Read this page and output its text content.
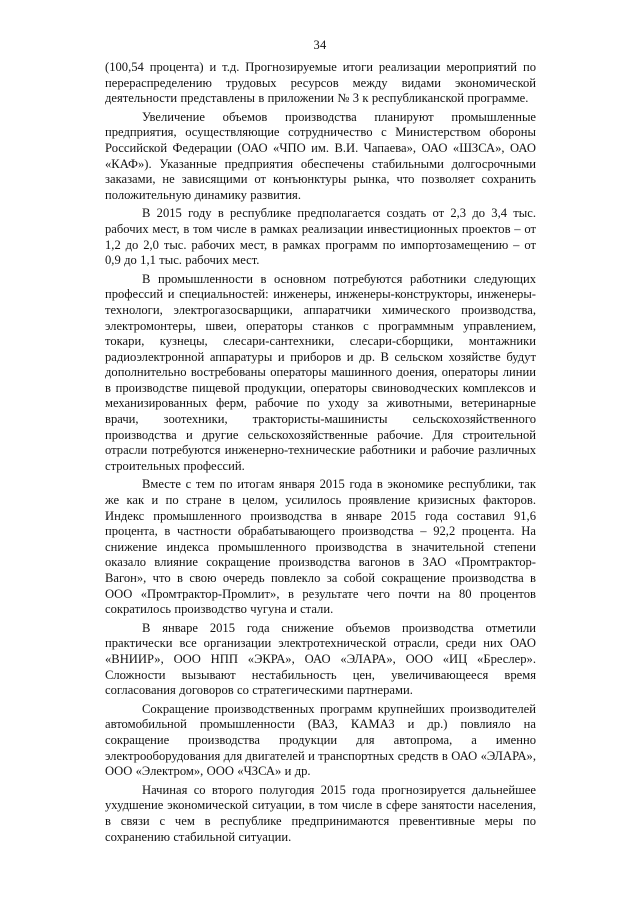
34

(100,54 процента) и т.д. Прогнозируемые итоги реализации мероприятий по перераспределению трудовых ресурсов между видами экономической деятельности представлены в приложении № 3 к республиканской программе.

Увеличение объемов производства планируют промышленные предприятия, осуществляющие сотрудничество с Министерством обороны Российской Федерации (ОАО «ЧПО им. В.И. Чапаева», ОАО «ШЗСА», ОАО «КАФ»). Указанные предприятия обеспечены стабильными долгосрочными заказами, не зависящими от конъюнктуры рынка, что позволяет сохранить положительную динамику развития.

В 2015 году в республике предполагается создать от 2,3 до 3,4 тыс. рабочих мест, в том числе в рамках реализации инвестиционных проектов – от 1,2 до 2,0 тыс. рабочих мест, в рамках программ по импортозамещению – от 0,9 до 1,1 тыс. рабочих мест.

В промышленности в основном потребуются работники следующих профессий и специальностей: инженеры, инженеры-конструкторы, инженеры-технологи, электрогазосварщики, аппаратчики химического производства, электромонтеры, швеи, операторы станков с программным управлением, токари, кузнецы, слесари-сантехники, слесари-сборщики, монтажники радиоэлектронной аппаратуры и приборов и др. В сельском хозяйстве будут дополнительно востребованы операторы машинного доения, операторы линии в производстве пищевой продукции, операторы свиноводческих комплексов и механизированных ферм, рабочие по уходу за животными, ветеринарные врачи, зоотехники, трактористы-машинисты сельскохозяйственного производства и другие сельскохозяйственные рабочие. Для строительной отрасли потребуются инженерно-технические работники и рабочие различных строительных профессий.

Вместе с тем по итогам января 2015 года в экономике республики, так же как и по стране в целом, усилилось проявление кризисных факторов. Индекс промышленного производства в январе 2015 года составил 91,6 процента, в частности обрабатывающего производства – 92,2 процента. На снижение индекса промышленного производства в значительной степени оказало влияние сокращение производства вагонов в ЗАО «Промтрактор-Вагон», что в свою очередь повлекло за собой сокращение производства в ООО «Промтрактор-Промлит», в результате чего почти на 80 процентов сократилось производство чугуна и стали.

В январе 2015 года снижение объемов производства отметили практически все организации электротехнической отрасли, среди них ОАО «ВНИИР», ООО НПП «ЭКРА», ОАО «ЭЛАРА», ООО «ИЦ «Бреслер». Сложности вызывают нестабильность цен, увеличивающееся время согласования договоров со стратегическими партнерами.

Сокращение производственных программ крупнейших производителей автомобильной промышленности (ВАЗ, КАМАЗ и др.) повлияло на сокращение производства продукции для автопрома, а именно электрооборудования для двигателей и транспортных средств в ОАО «ЭЛАРА», ООО «Электром», ООО «ЧЗСА» и др.

Начиная со второго полугодия 2015 года прогнозируется дальнейшее ухудшение экономической ситуации, в том числе в сфере занятости населения, в связи с чем в республике предпринимаются превентивные меры по сохранению стабильной ситуации.
